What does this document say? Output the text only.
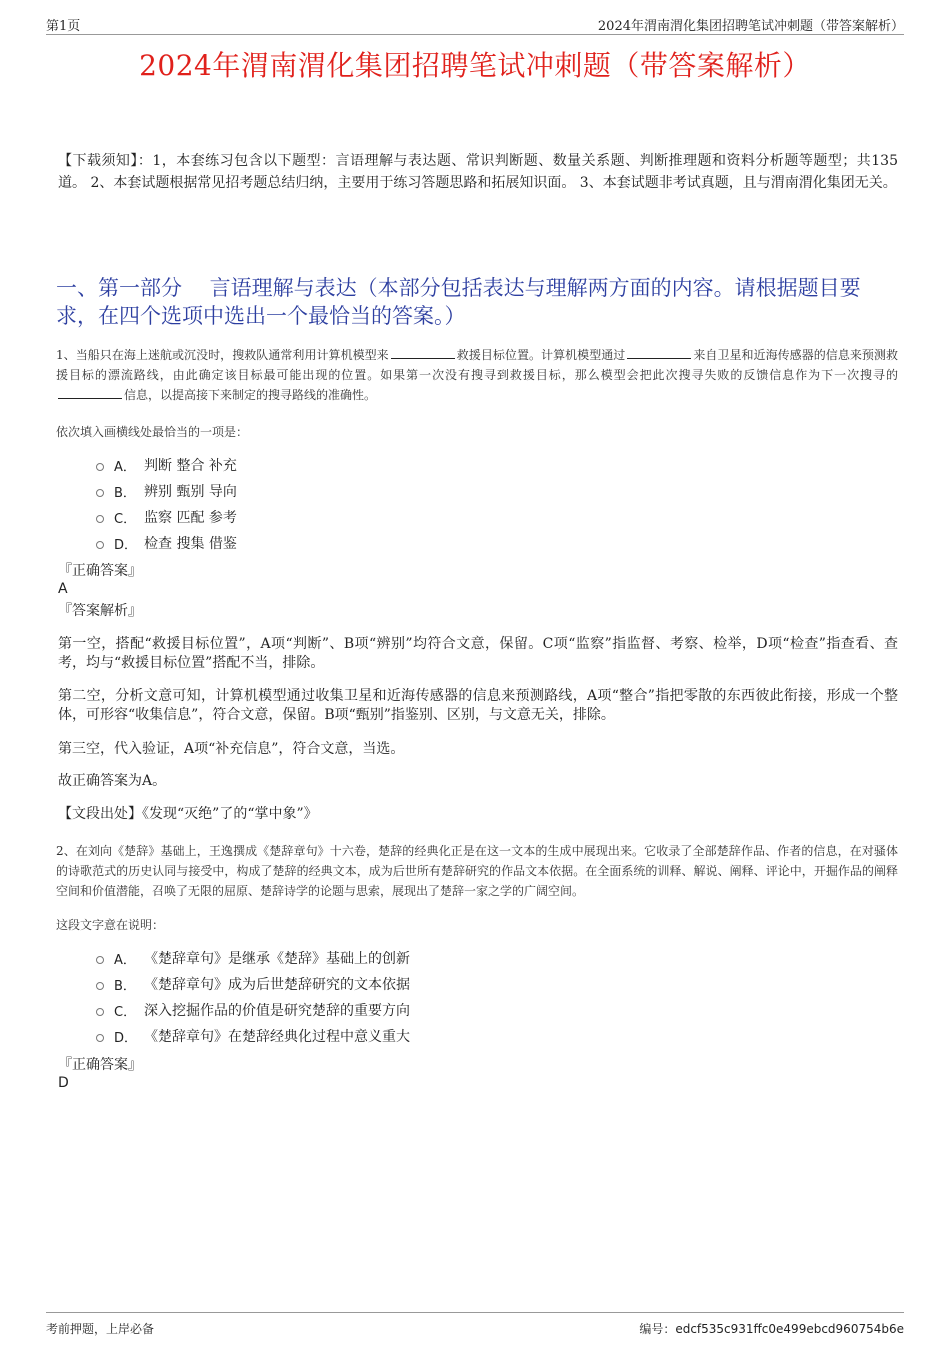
第1页	2024年渭南渭化集团招聘笔试冲刺题（带答案解析）
2024年渭南渭化集团招聘笔试冲刺题（带答案解析）
【下载须知】：1，本套练习包含以下题型：言语理解与表达题、常识判断题、数量关系题、判断推理题和资料分析题等题型；共135道。 2、本套试题根据常见招考题总结归纳，主要用于练习答题思路和拓展知识面。 3、本套试题非考试真题，且与渭南渭化集团无关。
一、第一部分　 言语理解与表达（本部分包括表达与理解两方面的内容。请根据题目要求，在四个选项中选出一个最恰当的答案。）
1、当船只在海上迷航或沉没时，搜救队通常利用计算机模型来	救援目标位置。计算机模型通过	来自卫星和近海传感器的信息来预测救援目标的漂流路线，由此确定该目标最可能出现的位置。如果第一次没有搜寻到救援目标，那么模型会把此次搜寻失败的反馈信息作为下一次搜寻的信息，以提高接下来制定的搜寻路线的准确性。
依次填入画横线处最恰当的一项是：
A． 判断 整合 补充
B． 辨别 甄别 导向
C． 监察 匹配 参考
D． 检查 搜集 借鉴
『正确答案』
A
『答案解析』
第一空，搭配“救援目标位置”，A项“判断”、B项“辨别”均符合文意，保留。C项“监察”指监督、考察、检举，D项“检查”指查看、查考，均与“救援目标位置”搭配不当，排除。
第二空，分析文意可知，计算机模型通过收集卫星和近海传感器的信息来预测路线，A项“整合”指把零散的东西彼此衔接，形成一个整体，可形容“收集信息”，符合文意，保留。B项“甄别”指鉴别、区别，与文意无关，排除。
第三空，代入验证，A项“补充信息”，符合文意，当选。
故正确答案为A。
【文段出处】《发现“灭绝”了的“掌中象”》
2、在刘向《楚辞》基础上，王逸撰成《楚辞章句》十六卷，楚辞的经典化正是在这一文本的生成中展现出来。它收录了全部楚辞作品、作者的信息，在对骚体的诗歌范式的历史认同与接受中，构成了楚辞的经典文本，成为后世所有楚辞研究的作品文本依据。在全面系统的训释、解说、阐释、评论中，开掘作品的阐释空间和价值潜能，召唤了无限的屈原、楚辞诗学的论题与思索，展现出了楚辞一家之学的广阔空间。
这段文字意在说明：
A． 《楚辞章句》是继承《楚辞》基础上的创新
B． 《楚辞章句》成为后世楚辞研究的文本依据
C． 深入挖掘作品的价值是研究楚辞的重要方向
D． 《楚辞章句》在楚辞经典化过程中意义重大
『正确答案』
D
考前押题，上岸必备	编号：edcf535c931ffc0e499ebcd960754b6e
